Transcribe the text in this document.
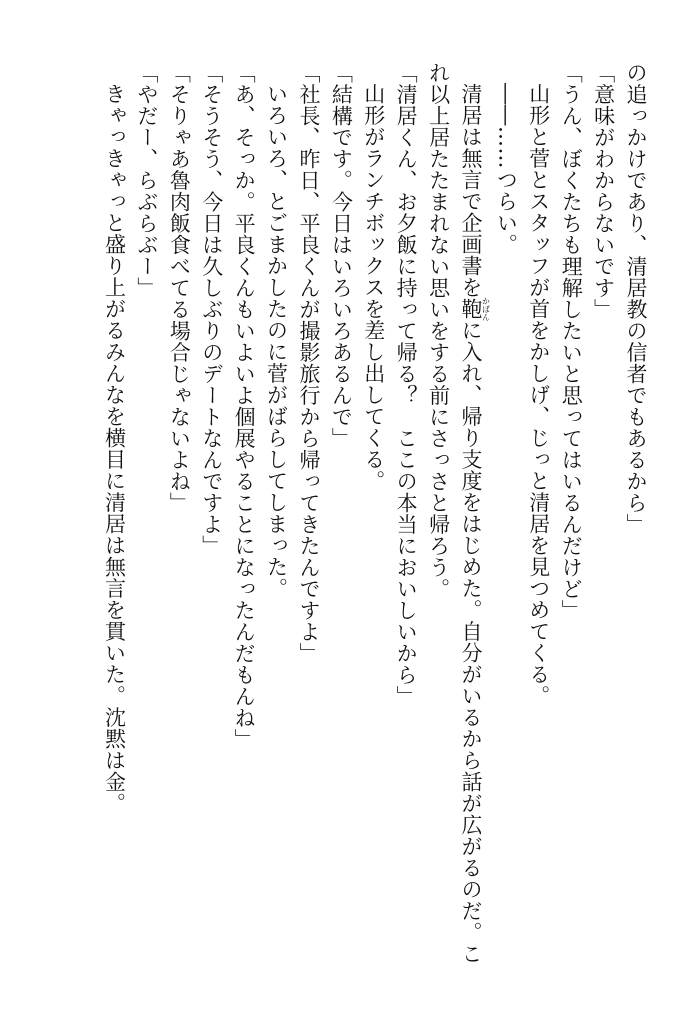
の追っかけであり、清居教の信者でもあるから」
「意味がわからないです」
「うん、ぼくたちも理解したいと思ってはいるんだけど」
山形と菅とスタッフが首をかしげ、じっと清居を見つめてくる。
――……つらい。
清居は無言で企画書を鞄かばんに入れ、帰り支度をはじめた。自分がいるから話が広がるのだ。こ
れ以上居たたまれない思いをする前にさっさと帰ろう。
「清居くん、お夕飯に持って帰る？　ここの本当においしいから」
山形がランチボックスを差し出してくる。
「結構です。今日はいろいろあるんで」
「社長、昨日、平良くんが撮影旅行から帰ってきたんですよ」
いろいろ、とごまかしたのに菅がばらしてしまった。
「あ、そっか。平良くんもいよいよ個展やることになったんだもんね」
「そうそう、今日は久しぶりのデートなんですよ」
「そりゃあ魯肉飯食べてる場合じゃないよね」
「やだー、らぶらぶー」
きゃっきゃっと盛り上がるみんなを横目に清居は無言を貫いた。沈黙は金。
